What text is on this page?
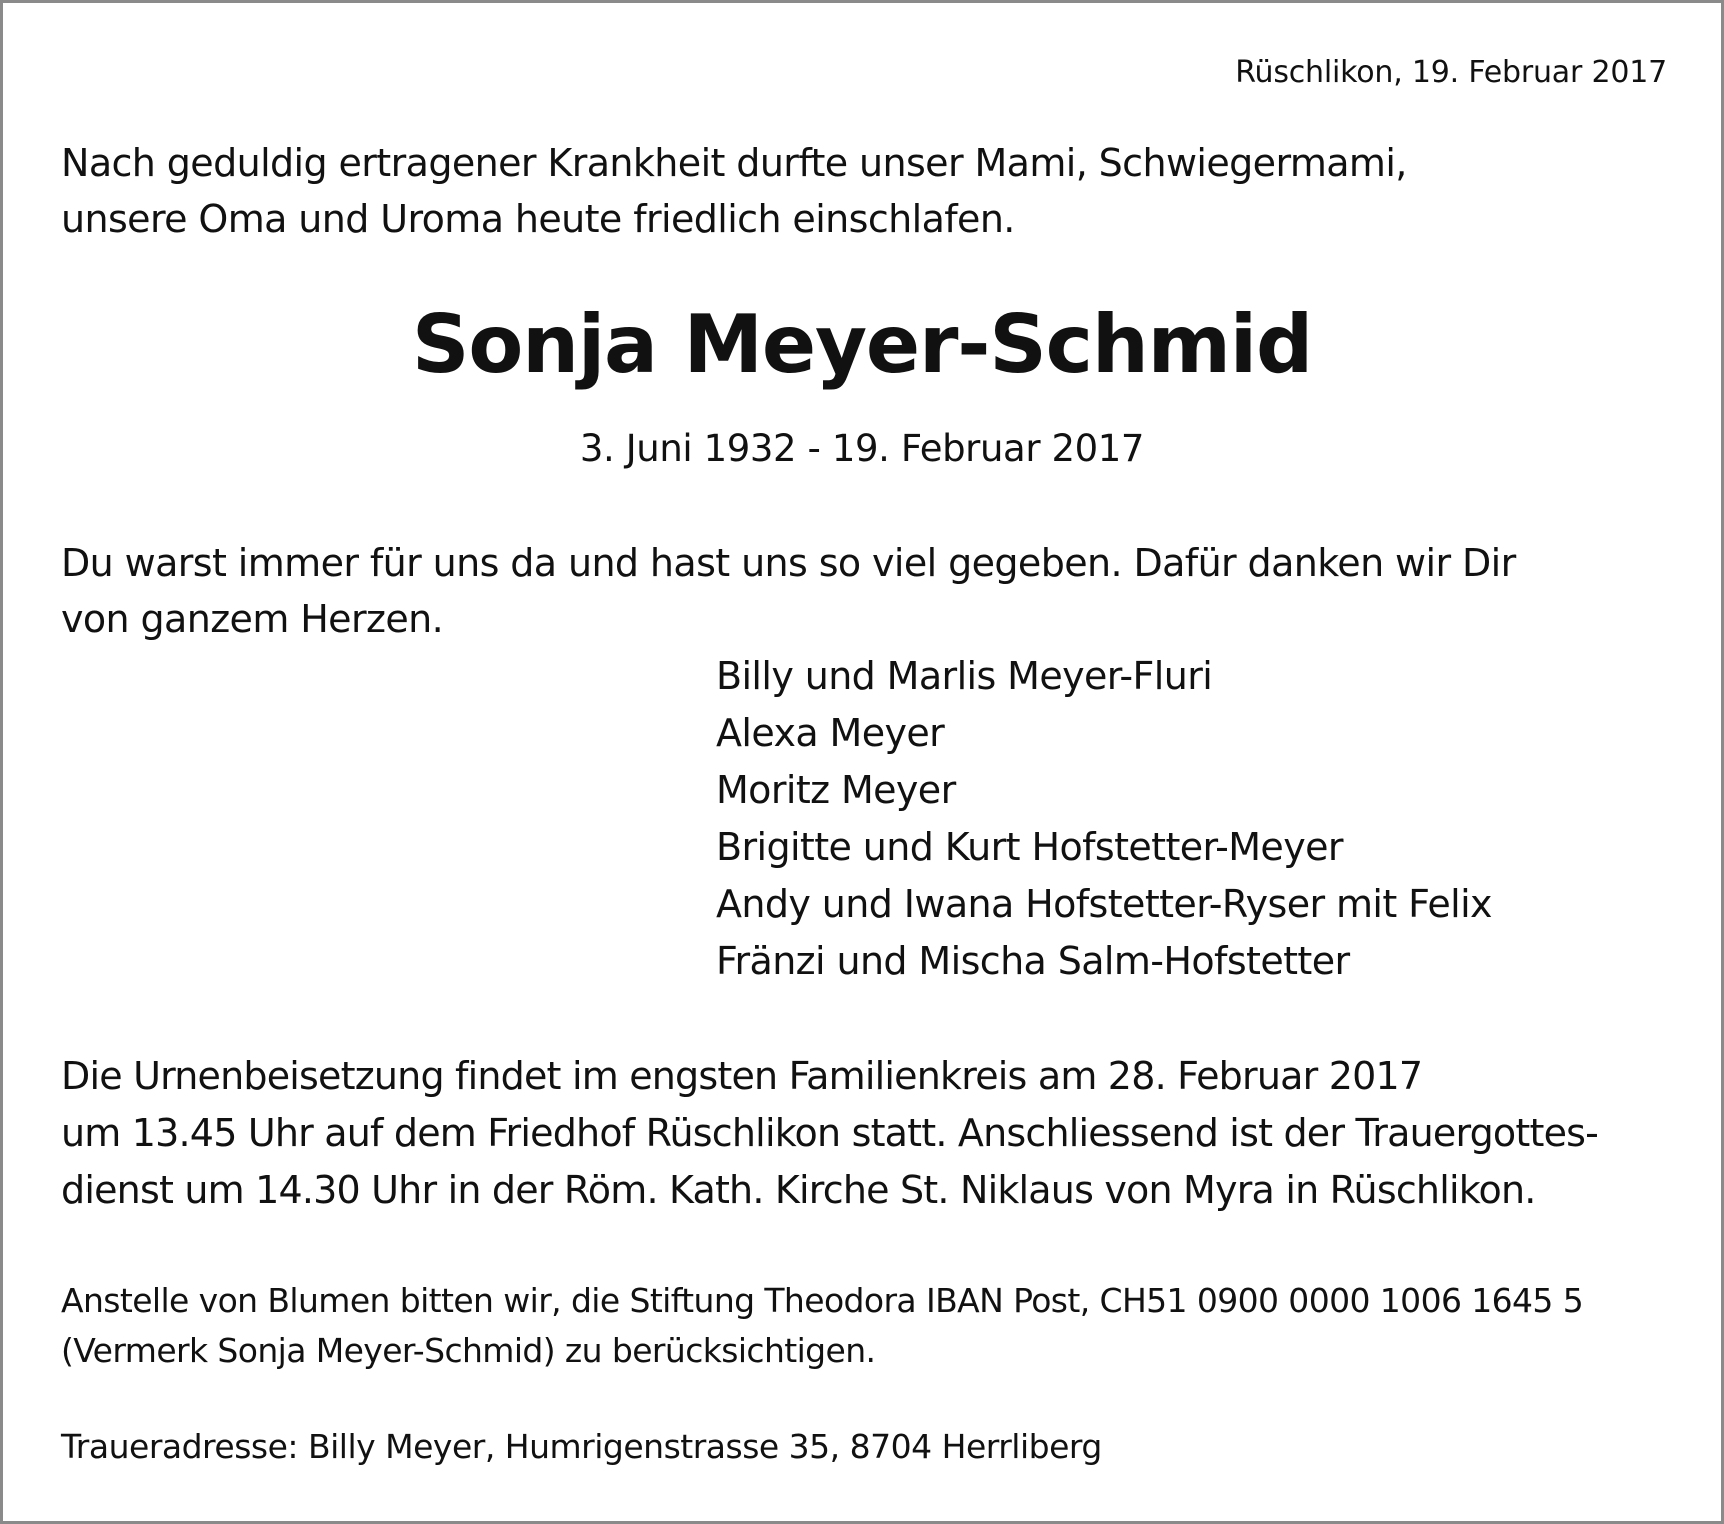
Rüschlikon, 19. Februar 2017
Nach geduldig ertragener Krankheit durfte unser Mami, Schwiegermami,
unsere Oma und Uroma heute friedlich einschlafen.
Sonja Meyer-Schmid
3. Juni 1932 - 19. Februar 2017
Du warst immer für uns da und hast uns so viel gegeben. Dafür danken wir Dir
von ganzem Herzen.
Billy und Marlis Meyer-Fluri
Alexa Meyer
Moritz Meyer
Brigitte und Kurt Hofstetter-Meyer
Andy und Iwana Hofstetter-Ryser mit Felix
Fränzi und Mischa Salm-Hofstetter
Die Urnenbeisetzung findet im engsten Familienkreis am 28. Februar 2017
um 13.45 Uhr auf dem Friedhof Rüschlikon statt. Anschliessend ist der Trauergottes-
dienst um 14.30 Uhr in der Röm. Kath. Kirche St. Niklaus von Myra in Rüschlikon.
Anstelle von Blumen bitten wir, die Stiftung Theodora IBAN Post, CH51 0900 0000 1006 1645 5
(Vermerk Sonja Meyer-Schmid) zu berücksichtigen.
Traueradresse: Billy Meyer, Humrigenstrasse 35, 8704 Herrliberg
